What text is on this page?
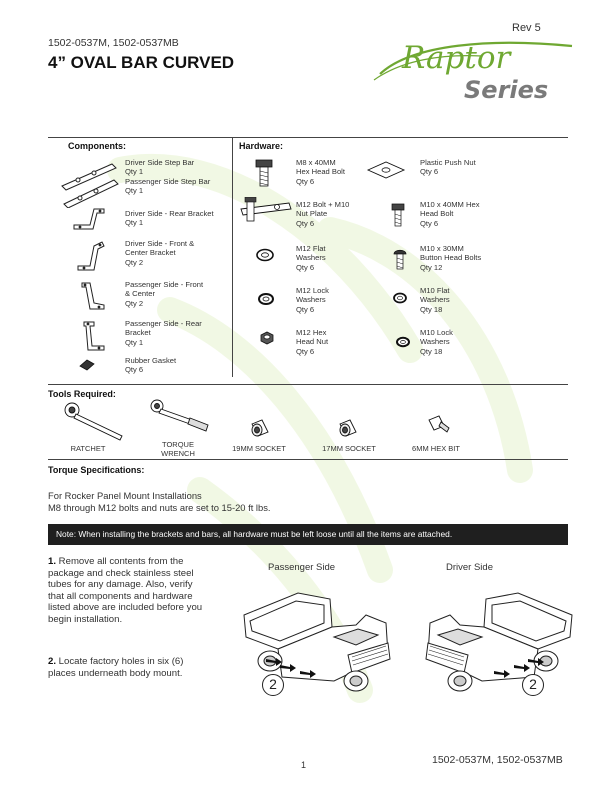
Rev 5
1502-0537M, 1502-0537MB
4” OVAL BAR CURVED	Raptor
Series
Components:
Driver Side Step Bar
Qty 1
Passenger Side Step Bar
Qty 1
Driver Side - Rear Bracket
Qty 1
Driver Side - Front &
Center Bracket
Qty 2
Passenger Side - Front
& Center
Qty 2
Passenger Side - Rear
Bracket
Qty 1
Rubber Gasket
Qty 6
Hardware:
M8 x 40MM
Hex Head Bolt
Qty 6
M12 Bolt + M10
Nut Plate
Qty 6
M12 Flat
Washers
Qty 6
M12 Lock
Washers
Qty 6
M12 Hex
Head Nut
Qty 6
Plastic Push Nut
Qty 6
M10 x 40MM Hex
Head Bolt
Qty 6
M10 x 30MM
Button Head Bolts
Qty 12
M10 Flat
Washers
Qty 18
M10 Lock
Washers
Qty 18
Tools Required:
RATCHET	TORQUE
WRENCH
19MM SOCKET	17MM SOCKET	6MM HEX BIT
Torque Specifications:
For Rocker Panel Mount Installations
M8 through M12 bolts and nuts are set to 15-20 ft lbs.
Note: When installing the brackets and bars, all hardware must be left loose until all the items are attached.
1. Remove all contents from the package and check stainless steel tubes for any damage. Also, verify that all components and hardware listed above are included before you begin installation.
2. Locate factory holes in six (6) places underneath body mount.
Passenger Side	Driver Side
2	2
1	1502-0537M, 1502-0537MB
